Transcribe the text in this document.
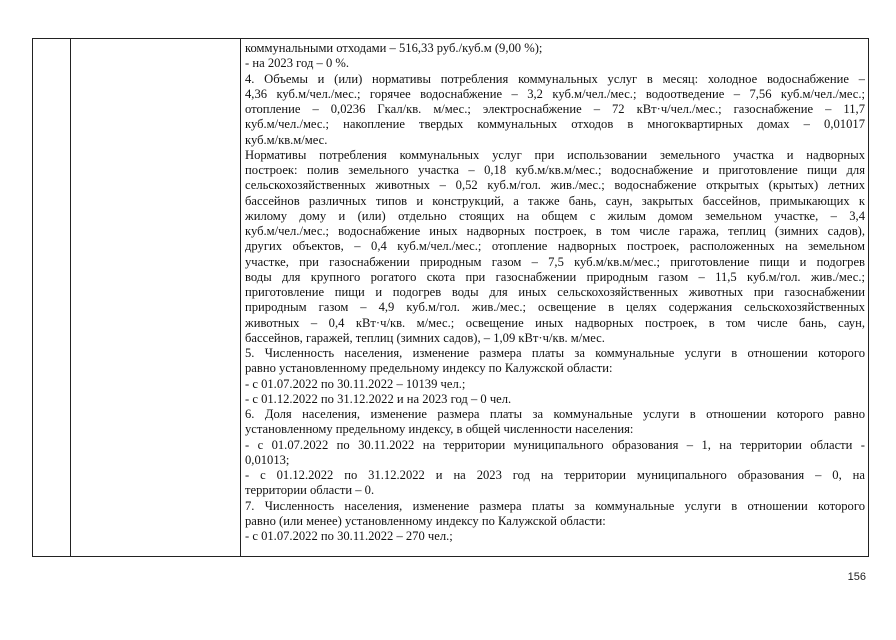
коммунальными отходами – 516,33 руб./куб.м (9,00 %);
- на 2023 год – 0 %.
4. Объемы и (или) нормативы потребления коммунальных услуг в месяц: холодное водоснабжение –
4,36 куб.м/чел./мес.; горячее водоснабжение – 3,2 куб.м/чел./мес.; водоотведение – 7,56 куб.м/чел./мес.;
отопление – 0,0236 Гкал/кв. м/мес.; электроснабжение – 72 кВт·ч/чел./мес.; газоснабжение – 11,7
куб.м/чел./мес.; накопление твердых коммунальных отходов в многоквартирных домах – 0,01017
куб.м/кв.м/мес.
Нормативы потребления коммунальных услуг при использовании земельного участка и надворных
построек: полив земельного участка – 0,18 куб.м/кв.м/мес.; водоснабжение и приготовление пищи для
сельскохозяйственных животных – 0,52 куб.м/гол. жив./мес.; водоснабжение открытых (крытых) летних
бассейнов различных типов и конструкций, а также бань, саун, закрытых бассейнов, примыкающих к
жилому дому и (или) отдельно стоящих на общем с жилым домом земельном участке, – 3,4
куб.м/чел./мес.; водоснабжение иных надворных построек, в том числе гаража, теплиц (зимних садов),
других объектов, – 0,4 куб.м/чел./мес.; отопление надворных построек, расположенных на земельном
участке, при газоснабжении природным газом – 7,5 куб.м/кв.м/мес.; приготовление пищи и подогрев
воды для крупного рогатого скота при газоснабжении природным газом – 11,5 куб.м/гол. жив./мес.;
приготовление пищи и подогрев воды для иных сельскохозяйственных животных при газоснабжении
природным газом – 4,9 куб.м/гол. жив./мес.; освещение в целях содержания сельскохозяйственных
животных – 0,4 кВт·ч/кв. м/мес.; освещение иных надворных построек, в том числе бань, саун,
бассейнов, гаражей, теплиц (зимних садов), – 1,09 кВт·ч/кв. м/мес.
5. Численность населения, изменение размера платы за коммунальные услуги в отношении которого
равно установленному предельному индексу по Калужской области:
- с 01.07.2022 по 30.11.2022 – 10139 чел.;
- с 01.12.2022 по 31.12.2022 и на 2023 год – 0 чел.
6. Доля населения, изменение размера платы за коммунальные услуги в отношении которого равно
установленному предельному индексу, в общей численности населения:
- с 01.07.2022 по 30.11.2022 на территории муниципального образования – 1, на территории области -
0,01013;
- с 01.12.2022 по 31.12.2022 и на 2023 год на территории муниципального образования – 0, на
территории области – 0.
7. Численность населения, изменение размера платы за коммунальные услуги в отношении которого
равно (или менее) установленному индексу по Калужской области:
- с 01.07.2022 по 30.11.2022 – 270 чел.;
156
